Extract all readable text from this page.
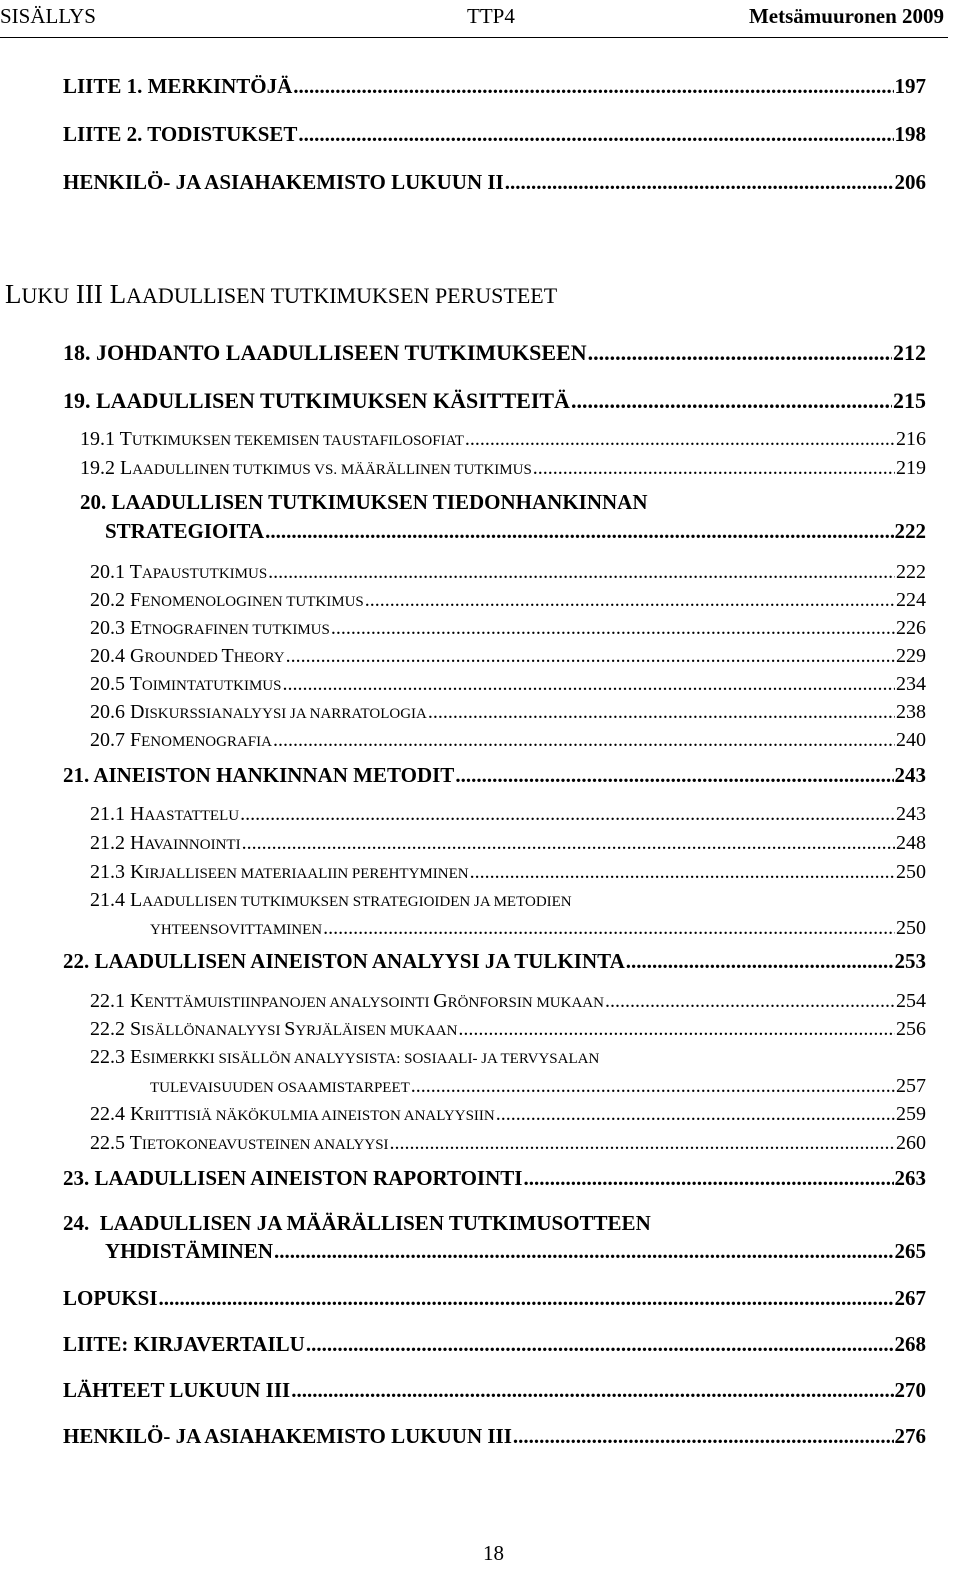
SISÄLLYS	TTP4	Metsämuuronen 2009
LIITE 1. MERKINTÖJÄ .....	197
LIITE 2. TODISTUKSET .....	198
HENKILÖ- JA ASIAHAKEMISTO LUKUUN II .....	206
LUKU III LAADULLISEN TUTKIMUKSEN PERUSTEET
18. JOHDANTO LAADULLISEEN TUTKIMUKSEEN .....	212
19. LAADULLISEN TUTKIMUKSEN KÄSITTEITÄ .....	215
19.1 TUTKIMUKSEN TEKEMISEN TAUSTAFILOSOFIAT .....	216
19.2 LAADULLINEN TUTKIMUS VS. MÄÄRÄLLINEN TUTKIMUS .....	219
20. LAADULLISEN TUTKIMUKSEN TIEDONHANKINNAN
STRATEGIOITA .....	222
20.1 TAPAUSTUTKIMUS .....	222
20.2 FENOMENOLOGINEN TUTKIMUS .....	224
20.3 ETNOGRAFINEN TUTKIMUS .....	226
20.4 GROUNDED THEORY .....	229
20.5 TOIMINTATUTKIMUS .....	234
20.6 DISKURSSIANALYYSI JA NARRATOLOGIA .....	238
20.7 FENOMENOGRAFIA .....	240
21. AINEISTON HANKINNAN METODIT .....	243
21.1 HAASTATTELU .....	243
21.2 HAVAINNOINTI .....	248
21.3 KIRJALLISEEN MATERIAALIIN PEREHTYMINEN .....	250
21.4 LAADULLISEN TUTKIMUKSEN STRATEGIOIDEN JA METODIEN
YHTEENSOVITTAMINEN .....	250
22. LAADULLISEN AINEISTON ANALYYSI JA TULKINTA .....	253
22.1 KENTTÄMUISTIINPANOJEN ANALYSOINTI GRÖNFORSIN MUKAAN .....	254
22.2 SISÄLLÖNANALYYSI SYRJÄLÄISEN MUKAAN .....	256
22.3 ESIMERKKI SISÄLLÖN ANALYYSISTA: SOSIAALI- JA TERVYSALAN
TULEVAISUUDEN OSAAMISTARPEET .....	257
22.4 KRIITTISIÄ NÄKÖKULMIA AINEISTON ANALYYSIIN .....	259
22.5 TIETOKONEAVUSTEINEN ANALYYSI .....	260
23. LAADULLISEN AINEISTON RAPORTOINTI .....	263
24. LAADULLISEN JA MÄÄRÄLLISEN TUTKIMUSOTTEEN
YHDISTÄMINEN .....	265
LOPUKSI .....	267
LIITE: KIRJAVERTAILU .....	268
LÄHTEET LUKUUN III .....	270
HENKILÖ- JA ASIAHAKEMISTO LUKUUN III .....	276
18
